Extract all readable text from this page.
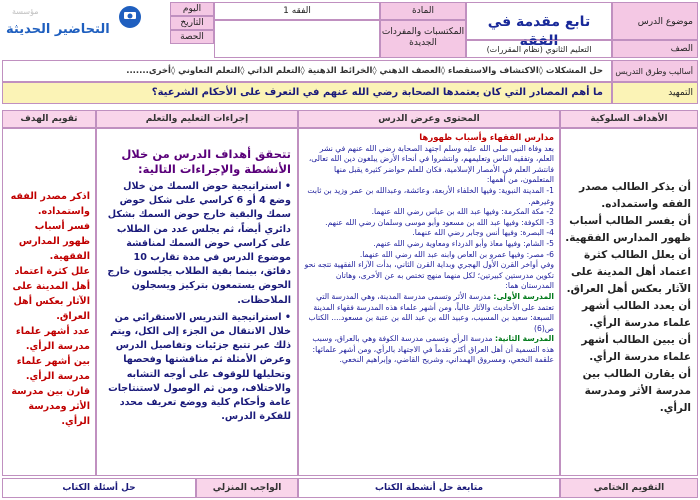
مؤسسة
التحاضير الحديثة	موضوع الدرس
تابع مقدمة في الفقه
المادة
الفقه 1
اليوم
التاريخ
الحصة	المكتسبات والمفردات الجديدة
الصف
التعليم الثانوي (نظام المقررات)
أساليب وطرق التدريس
حل المشكلات ◊الاكتشاف والاستقصاء ◊العصف الذهني ◊الخرائط الذهنية ◊التعلم الذاتي ◊التعلم التعاوني ◊أخرى.......
التمهيد
ما أهم المصادر التي كان يعتمدها الصحابة رضي الله عنهم في التعرف على الأحكام الشرعية؟
الأهداف السلوكية
المحتوى وعرض الدرس
إجراءات التعليم والتعلم
تقويم الهدف
أن يذكر الطالب مصدر الفقه واستمداده.
أن يفسر الطالب أسباب ظهور المدارس الفقهية.
أن يعلل الطالب كثرة اعتماد أهل المدينة على الآثار بعكس أهل العراق.
أن يعدد الطالب أشهر علماء مدرسة الرأي.
أن يبين الطالب أشهر علماء مدرسة الرأي.
أن يقارن الطالب بين مدرسة الأثر ومدرسة الرأي.
مدارس الفقهاء وأسباب ظهورها
بعد وفاة النبي صلى الله عليه وسلم اجتهد الصحابة رضي الله عنهم في نشر العلم، وتفقيه الناس وتعليمهم، وانتشروا في أنحاء الأرض يبلغون دين الله تعالى، فانتشر العلم في الأمصار الإسلامية، فكان للعلم حواضر كثيرة يقبل منها المتعلمون، من أهمها:
1- المدينة النبوية: وفيها الخلفاء الأربعة، وعائشة، وعبدالله بن عمر وزيد بن ثابت وغيرهم.
2- مكة المكرمة: وفيها عبد الله بن عباس رضي الله عنهما.
3- الكوفة: وفيها عبد الله بن مسعود وأبو موسى وسلمان رضي الله عنهم.
4- البصرة: وفيها أنس وجابر رضي الله عنهما.
5- الشام: وفيها معاذ وأبو الدرداء ومعاوية رضي الله عنهم.
6- مصر: وفيها عمرو بن العاص وابنه عبد الله رضي الله عنهما.
وفي أواخر القرن الأول الهجري وبداية القرن الثاني، بدأت الآراء الفقهية تتجه نحو تكوين مدرستين كبيرتين؛ لكل منهما منهج تختص به عن الأخرى، وهاتان المدرستان هما:
المدرسة الأولى: مدرسة الأثر وتسمى مدرسة المدينة، وهي المدرسة التي تعتمد على الأحاديث والآثار غالباً، ومن أشهر علماء هذه المدرسة فقهاء المدينة السبعة: سعيد بن المسيب، وعبيد الله بن عبد الله بن عتبة بن مسعود.... الكتاب ص(6)
المدرسة الثانية: مدرسة الرأي وتسمى مدرسة الكوفة وهي بالعراق، وسبب هذه التسمية أن أهل العراق أكثر تقدماً في الاجتهاد بالرأي، ومن أشهر علمائها: علقمة النخعي، ومسروق الهمداني، وشريح القاضي، وإبراهيم النخعي.
تتحقق أهداف الدرس من خلال الأنشطة والإجراءات التالية:
• استراتيجية حوض السمك من خلال وضع 4 أو 6 كراسي على شكل حوض سمك والبقية خارج حوض السمك بشكل دائري أيضاً، ثم يجلس عدد من الطلاب على كراسي حوض السمك لمناقشة موضوع الدرس في مدة تقارب 10 دقائق، بينما بقية الطلاب يجلسون خارج الحوض يستمعون بتركيز ويسجلون الملاحظات.
• استراتيجية التدريس الاستقرائي من خلال الانتقال من الجزء إلى الكل، ويتم ذلك عبر تتبع جزئيات وتفاصيل الدرس وعرض الأمثلة ثم مناقشتها وفحصها وتحليلها للوقوف على أوجه التشابه والاختلاف، ومن ثم الوصول لاستنتاجات عامة وأحكام كلية ووضع تعريف محدد للفكرة الدرس.
اذكر مصدر الفقه واستمداده.
فسر أسباب ظهور المدارس الفقهية.
علل كثرة اعتماد أهل المدينة على الآثار بعكس أهل العراق.
عدد أشهر علماء مدرسة الرأي.
بين أشهر علماء مدرسة الرأي.
قارن بين مدرسة الأثر ومدرسة الرأي.
التقويم الختامي
متابعة حل أنشطة الكتاب
الواجب المنزلي
حل أسئلة الكتاب
